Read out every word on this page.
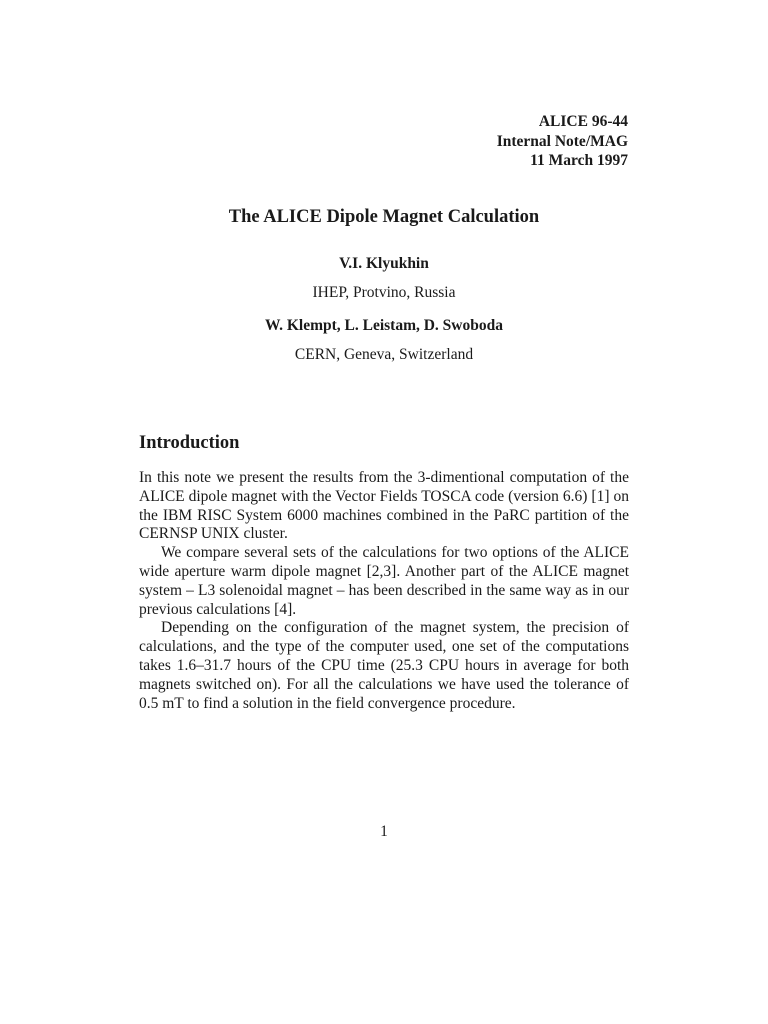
ALICE 96-44
Internal Note/MAG
11 March 1997
The ALICE Dipole Magnet Calculation
V.I. Klyukhin
IHEP, Protvino, Russia
W. Klempt, L. Leistam, D. Swoboda
CERN, Geneva, Switzerland
Introduction

In this note we present the results from the 3-dimentional computation of the ALICE dipole magnet with the Vector Fields TOSCA code (version 6.6) [1] on the IBM RISC System 6000 machines combined in the PaRC partition of the CERNSP UNIX cluster.

We compare several sets of the calculations for two options of the ALICE wide aperture warm dipole magnet [2,3]. Another part of the ALICE magnet system – L3 solenoidal magnet – has been described in the same way as in our previous calculations [4].

Depending on the configuration of the magnet system, the precision of calculations, and the type of the computer used, one set of the computations takes 1.6–31.7 hours of the CPU time (25.3 CPU hours in average for both magnets switched on). For all the calculations we have used the tolerance of 0.5 mT to find a solution in the field convergence procedure.

1
